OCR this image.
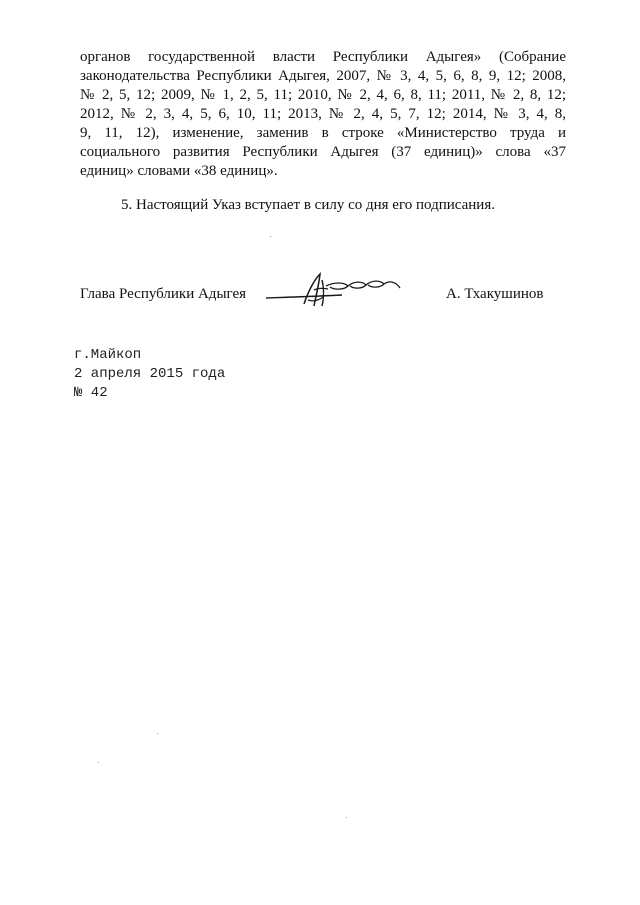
органов государственной власти Республики Адыгея» (Собрание
законодательства Республики Адыгея, 2007, № 3, 4, 5, 6, 8, 9, 12; 2008,
№ 2, 5, 12; 2009, № 1, 2, 5, 11; 2010, № 2, 4, 6, 8, 11; 2011, № 2, 8, 12;
2012, № 2, 3, 4, 5, 6, 10, 11; 2013, № 2, 4, 5, 7, 12; 2014, № 3, 4, 8,
9, 11, 12), изменение, заменив в строке «Министерство труда и
социального развития Республики Адыгея (37 единиц)» слова «37
единиц» словами «38 единиц».
5. Настоящий Указ вступает в силу со дня его подписания.
Глава Республики Адыгея	А. Тхакушинов
г.Майкоп
2 апреля 2015 года
№ 42
